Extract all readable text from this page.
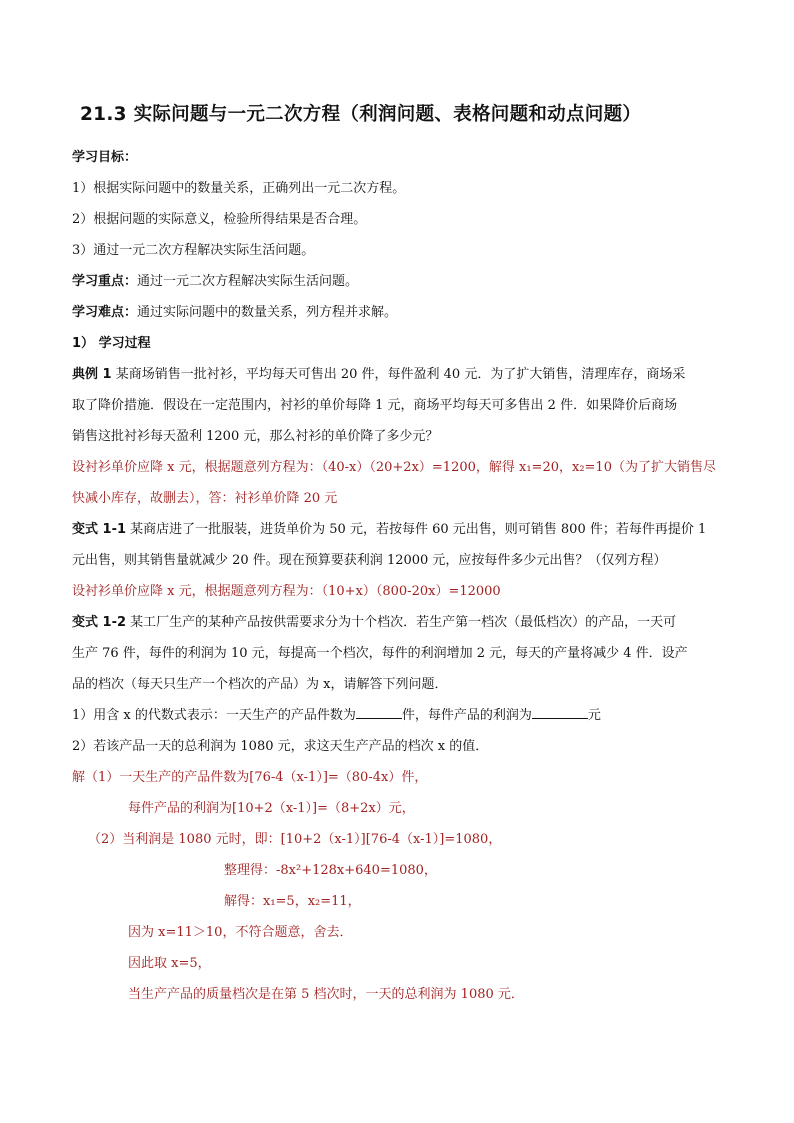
21.3 实际问题与一元二次方程（利润问题、表格问题和动点问题）

学习目标：

1）根据实际问题中的数量关系，正确列出一元二次方程。

2）根据问题的实际意义，检验所得结果是否合理。

3）通过一元二次方程解决实际生活问题。

学习重点：通过一元二次方程解决实际生活问题。

学习难点：通过实际问题中的数量关系，列方程并求解。

1） 学习过程

典例 1 某商场销售一批衬衫，平均每天可售出 20 件，每件盈利 40 元．为了扩大销售，清理库存，商场采

取了降价措施．假设在一定范围内，衬衫的单价每降 1 元，商场平均每天可多售出 2 件．如果降价后商场

销售这批衬衫每天盈利 1200 元，那么衬衫的单价降了多少元？

设衬衫单价应降 x 元，根据题意列方程为：（40-x）（20+2x）=1200，解得 x₁=20，x₂=10（为了扩大销售尽

快减小库存，故删去），答：衬衫单价降 20 元

变式 1-1 某商店进了一批服装，进货单价为 50 元，若按每件 60 元出售，则可销售 800 件；若每件再提价 1

元出售，则其销售量就减少 20 件。现在预算要获利润 12000 元，应按每件多少元出售？（仅列方程）

设衬衫单价应降 x 元，根据题意列方程为：（10+x）（800-20x）=12000

变式 1-2 某工厂生产的某种产品按供需要求分为十个档次．若生产第一档次（最低档次）的产品，一天可

生产 76 件，每件的利润为 10 元，每提高一个档次，每件的利润增加 2 元，每天的产量将减少 4 件．设产

品的档次（每天只生产一个档次的产品）为 x，请解答下列问题．

1）用含 x 的代数式表示：一天生产的产品件数为	件，每件产品的利润为	元

2）若该产品一天的总利润为 1080 元，求这天生产产品的档次 x 的值．

解（1）一天生产的产品件数为[76-4（x-1）]=（80-4x）件，

每件产品的利润为[10+2（x-1）]=（8+2x）元，

（2）当利润是 1080 元时，即：[10+2（x-1）][76-4（x-1）]=1080，

整理得：-8x²+128x+640=1080，

解得：x₁=5，x₂=11，

因为 x=11＞10，不符合题意，舍去．

因此取 x=5，

当生产产品的质量档次是在第 5 档次时，一天的总利润为 1080 元．
